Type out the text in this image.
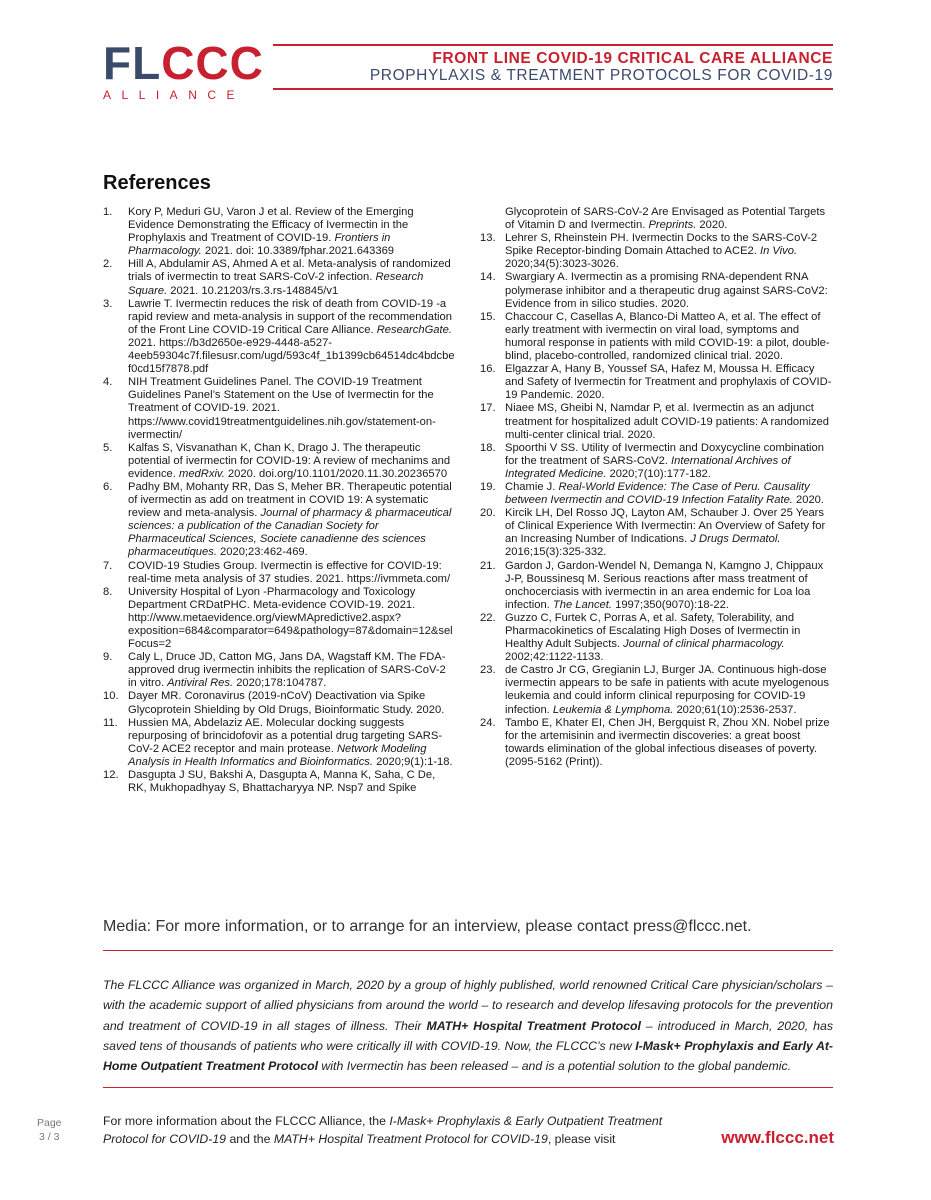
FLCCC
ALLIANCE
FRONT LINE COVID-19 CRITICAL CARE ALLIANCE
PROPHYLAXIS & TREATMENT PROTOCOLS FOR COVID-19
References
1. Kory P, Meduri GU, Varon J et al. Review of the Emerging Evidence Demonstrating the Efficacy of Ivermectin in the Prophylaxis and Treatment of COVID-19. Frontiers in Pharmacology. 2021. doi: 10.3389/fphar.2021.643369
2. Hill A, Abdulamir AS, Ahmed A et al. Meta-analysis of randomized trials of ivermectin to treat SARS-CoV-2 infection. Research Square. 2021. 10.21203/rs.3.rs-148845/v1
3. Lawrie T. Ivermectin reduces the risk of death from COVID-19 -a rapid review and meta-analysis in support of the recommendation of the Front Line COVID-19 Critical Care Alliance. ResearchGate. 2021. https://b3d2650e-e929-4448-a527-4eeb59304c7f.filesusr.com/ugd/593c4f_1b1399cb64514dc4bdcbef0cd15f7878.pdf
4. NIH Treatment Guidelines Panel. The COVID-19 Treatment Guidelines Panel’s Statement on the Use of Ivermectin for the Treatment of COVID-19. 2021. https://www.covid19treatmentguidelines.nih.gov/statement-on-ivermectin/
5. Kalfas S, Visvanathan K, Chan K, Drago J. The therapeutic potential of ivermectin for COVID-19: A review of mechanims and evidence. medRxiv. 2020. doi.org/10.1101/2020.11.30.20236570
6. Padhy BM, Mohanty RR, Das S, Meher BR. Therapeutic potential of ivermectin as add on treatment in COVID 19: A systematic review and meta-analysis. Journal of pharmacy & pharmaceutical sciences: a publication of the Canadian Society for Pharmaceutical Sciences, Societe canadienne des sciences pharmaceutiques. 2020;23:462-469.
7. COVID-19 Studies Group. Ivermectin is effective for COVID-19: real-time meta analysis of 37 studies. 2021. https://ivmmeta.com/
8. University Hospital of Lyon -Pharmacology and Toxicology Department CRDatPHC. Meta-evidence COVID-19. 2021. http://www.metaevidence.org/viewMApredictive2.aspx?exposition=684&comparator=649&pathology=87&domain=12&selFocus=2
9. Caly L, Druce JD, Catton MG, Jans DA, Wagstaff KM. The FDA-approved drug ivermectin inhibits the replication of SARS-CoV-2 in vitro. Antiviral Res. 2020;178:104787.
10. Dayer MR. Coronavirus (2019-nCoV) Deactivation via Spike Glycoprotein Shielding by Old Drugs, Bioinformatic Study. 2020.
11. Hussien MA, Abdelaziz AE. Molecular docking suggests repurposing of brincidofovir as a potential drug targeting SARS-CoV-2 ACE2 receptor and main protease. Network Modeling Analysis in Health Informatics and Bioinformatics. 2020;9(1):1-18.
12. Dasgupta J SU, Bakshi A, Dasgupta A, Manna K, Saha, C De, RK, Mukhopadhyay S, Bhattacharyya NP. Nsp7 and Spike
Glycoprotein of SARS-CoV-2 Are Envisaged as Potential Targets of Vitamin D and Ivermectin. Preprints. 2020.
13. Lehrer S, Rheinstein PH. Ivermectin Docks to the SARS-CoV-2 Spike Receptor-binding Domain Attached to ACE2. In Vivo. 2020;34(5):3023-3026.
14. Swargiary A. Ivermectin as a promising RNA-dependent RNA polymerase inhibitor and a therapeutic drug against SARS-CoV2: Evidence from in silico studies. 2020.
15. Chaccour C, Casellas A, Blanco-Di Matteo A, et al. The effect of early treatment with ivermectin on viral load, symptoms and humoral response in patients with mild COVID-19: a pilot, double-blind, placebo-controlled, randomized clinical trial. 2020.
16. Elgazzar A, Hany B, Youssef SA, Hafez M, Moussa H. Efficacy and Safety of Ivermectin for Treatment and prophylaxis of COVID-19 Pandemic. 2020.
17. Niaee MS, Gheibi N, Namdar P, et al. Ivermectin as an adjunct treatment for hospitalized adult COVID-19 patients: A randomized multi-center clinical trial. 2020.
18. Spoorthi V SS. Utility of Ivermectin and Doxycycline combination for the treatment of SARS-CoV2. International Archives of Integrated Medicine. 2020;7(10):177-182.
19. Chamie J. Real-World Evidence: The Case of Peru. Causality between Ivermectin and COVID-19 Infection Fatality Rate. 2020.
20. Kircik LH, Del Rosso JQ, Layton AM, Schauber J. Over 25 Years of Clinical Experience With Ivermectin: An Overview of Safety for an Increasing Number of Indications. J Drugs Dermatol. 2016;15(3):325-332.
21. Gardon J, Gardon-Wendel N, Demanga N, Kamgno J, Chippaux J-P, Boussinesq M. Serious reactions after mass treatment of onchocerciasis with ivermectin in an area endemic for Loa loa infection. The Lancet. 1997;350(9070):18-22.
22. Guzzo C, Furtek C, Porras A, et al. Safety, Tolerability, and Pharmacokinetics of Escalating High Doses of Ivermectin in Healthy Adult Subjects. Journal of clinical pharmacology. 2002;42:1122-1133.
23. de Castro Jr CG, Gregianin LJ, Burger JA. Continuous high-dose ivermectin appears to be safe in patients with acute myelogenous leukemia and could inform clinical repurposing for COVID-19 infection. Leukemia & Lymphoma. 2020;61(10):2536-2537.
24. Tambo E, Khater EI, Chen JH, Bergquist R, Zhou XN. Nobel prize for the artemisinin and ivermectin discoveries: a great boost towards elimination of the global infectious diseases of poverty. (2095-5162 (Print)).
Media: For more information, or to arrange for an interview, please contact press@flccc.net.
The FLCCC Alliance was organized in March, 2020 by a group of highly published, world renowned Critical Care physician/scholars – with the academic support of allied physicians from around the world – to research and develop lifesaving protocols for the prevention and treatment of COVID-19 in all stages of illness. Their MATH+ Hospital Treatment Protocol – introduced in March, 2020, has saved tens of thousands of patients who were critically ill with COVID-19. Now, the FLCCC’s new I-Mask+ Prophylaxis and Early At-Home Outpatient Treatment Protocol with Ivermectin has been released – and is a potential solution to the global pandemic.
Page
3 / 3
For more information about the FLCCC Alliance, the I-Mask+ Prophylaxis & Early Outpatient Treatment Protocol for COVID-19 and the MATH+ Hospital Treatment Protocol for COVID-19, please visit	www.flccc.net
